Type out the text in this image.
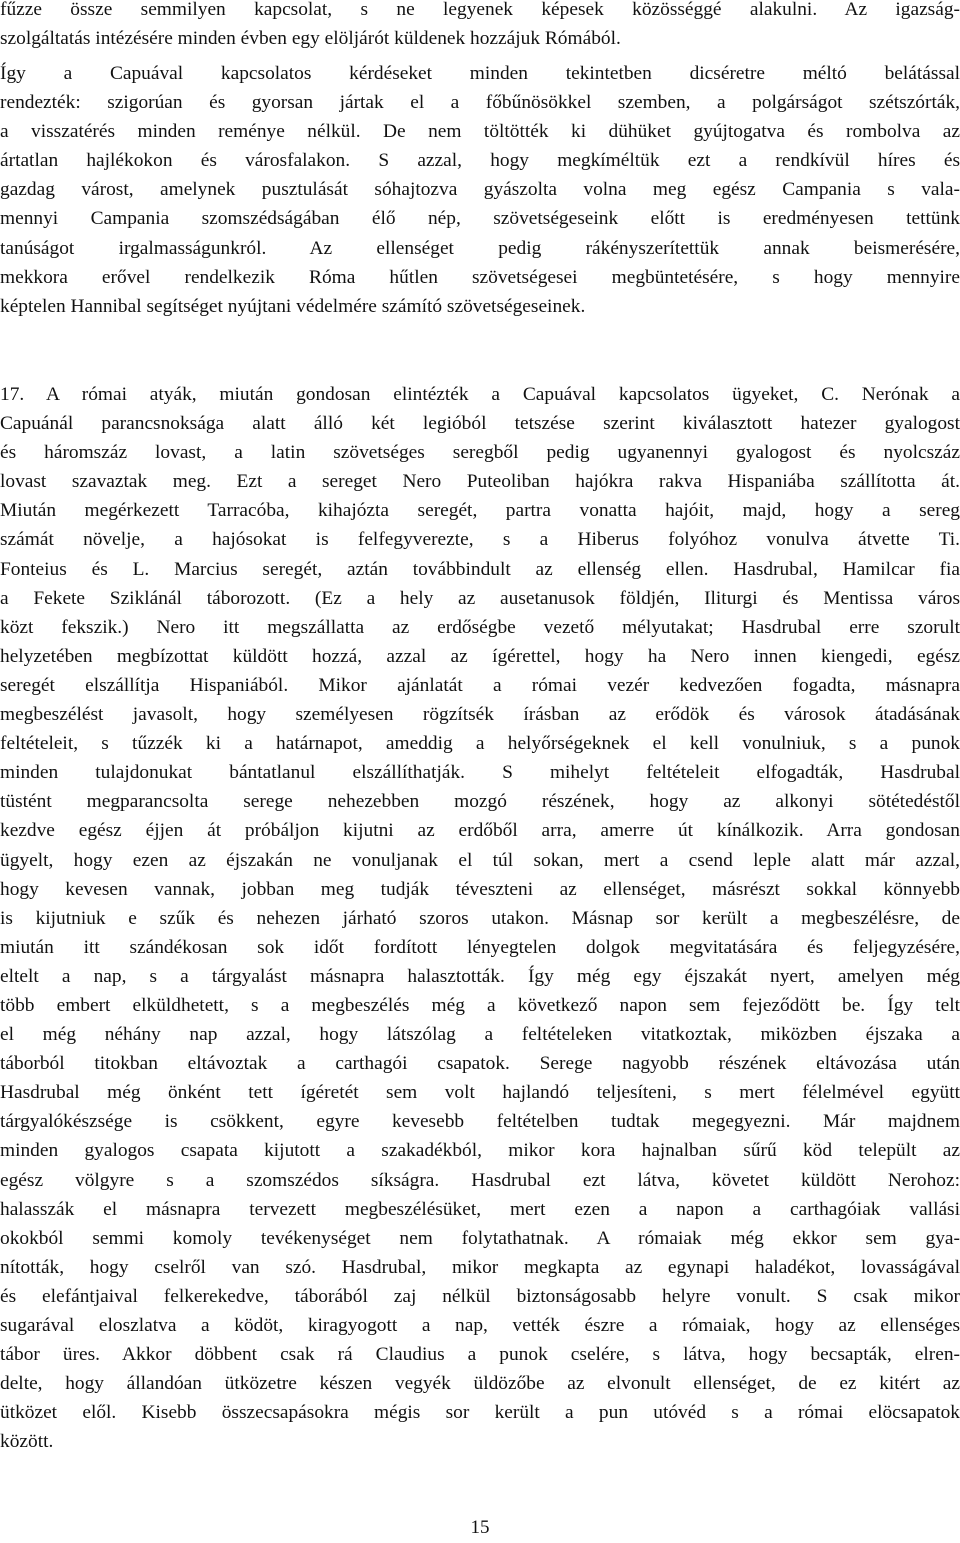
fűzze össze semmilyen kapcsolat, s ne legyenek képesek közösséggé alakulni. Az igazság-
szolgáltatás intézésére minden évben egy elöljárót küldenek hozzájuk Rómából.
Így a Capuával kapcsolatos kérdéseket minden tekintetben dicséretre méltó belátással
rendezték: szigorúan és gyorsan jártak el a főbűnösökkel szemben, a polgárságot szétszórták,
a visszatérés minden reménye nélkül. De nem töltötték ki dühüket gyújtogatva és rombolva az
ártatlan hajlékokon és városfalakon. S azzal, hogy megkíméltük ezt a rendkívül híres és
gazdag várost, amelynek pusztulását sóhajtozva gyászolta volna meg egész Campania s vala-
mennyi Campania szomszédságában élő nép, szövetségeseink előtt is eredményesen tettünk
tanúságot irgalmasságunkról. Az ellenséget pedig rákényszerítettük annak beismerésére,
mekkora erővel rendelkezik Róma hűtlen szövetségesei megbüntetésére, s hogy mennyire
képtelen Hannibal segítséget nyújtani védelmére számító szövetségeseinek.
17. A római atyák, miután gondosan elintézték a Capuával kapcsolatos ügyeket, C. Nerónak a
Capuánál parancsnoksága alatt álló két legióból tetszése szerint kiválasztott hatezer gyalogost
és háromszáz lovast, a latin szövetséges seregből pedig ugyanennyi gyalogost és nyolcszáz
lovast szavaztak meg. Ezt a sereget Nero Puteoliban hajókra rakva Hispaniába szállította át.
Miután megérkezett Tarracóba, kihajózta seregét, partra vonatta hajóit, majd, hogy a sereg
számát növelje, a hajósokat is felfegyverezte, s a Hiberus folyóhoz vonulva átvette Ti.
Fonteius és L. Marcius seregét, aztán továbbindult az ellenség ellen. Hasdrubal, Hamilcar fia
a Fekete Sziklánál táborozott. (Ez a hely az ausetanusok földjén, Iliturgi és Mentissa város
közt fekszik.) Nero itt megszállatta az erdőségbe vezető mélyutakat; Hasdrubal erre szorult
helyzetében megbízottat küldött hozzá, azzal az ígérettel, hogy ha Nero innen kiengedi, egész
seregét elszállítja Hispaniából. Mikor ajánlatát a római vezér kedvezően fogadta, másnapra
megbeszélést javasolt, hogy személyesen rögzítsék írásban az erődök és városok átadásának
feltételeit, s tűzzék ki a határnapot, ameddig a helyőrségeknek el kell vonulniuk, s a punok
minden tulajdonukat bántatlanul elszállíthatják. S mihelyt feltételeit elfogadták, Hasdrubal
tüstént megparancsolta serege nehezebben mozgó részének, hogy az alkonyi sötétedéstől
kezdve egész éjjen át próbáljon kijutni az erdőből arra, amerre út kínálkozik. Arra gondosan
ügyelt, hogy ezen az éjszakán ne vonuljanak el túl sokan, mert a csend leple alatt már azzal,
hogy kevesen vannak, jobban meg tudják téveszteni az ellenséget, másrészt sokkal könnyebb
is kijutniuk e szűk és nehezen járható szoros utakon. Másnap sor került a megbeszélésre, de
miután itt szándékosan sok időt fordított lényegtelen dolgok megvitatására és feljegyzésére,
eltelt a nap, s a tárgyalást másnapra halasztották. Így még egy éjszakát nyert, amelyen még
több embert elküldhetett, s a megbeszélés még a következő napon sem fejeződött be. Így telt
el még néhány nap azzal, hogy látszólag a feltételeken vitatkoztak, miközben éjszaka a
táborból titokban eltávoztak a carthagói csapatok. Serege nagyobb részének eltávozása után
Hasdrubal még önként tett ígéretét sem volt hajlandó teljesíteni, s mert félelmével együtt
tárgyalókészsége is csökkent, egyre kevesebb feltételben tudtak megegyezni. Már majdnem
minden gyalogos csapata kijutott a szakadékból, mikor kora hajnalban sűrű köd települt az
egész völgyre s a szomszédos síkságra. Hasdrubal ezt látva, követet küldött Nerohoz:
halasszák el másnapra tervezett megbeszélésüket, mert ezen a napon a carthagóiak vallási
okokból semmi komoly tevékenységet nem folytathatnak. A rómaiak még ekkor sem gya-
nították, hogy cselről van szó. Hasdrubal, mikor megkapta az egynapi haladékot, lovasságával
és elefántjaival felkerekedve, táborából zaj nélkül biztonságosabb helyre vonult. S csak mikor
sugarával eloszlatva a ködöt, kiragyogott a nap, vették észre a rómaiak, hogy az ellenséges
tábor üres. Akkor döbbent csak rá Claudius a punok cselére, s látva, hogy becsapták, elren-
delte, hogy állandóan ütközetre készen vegyék üldözőbe az elvonult ellenséget, de ez kitért az
ütközet elől. Kisebb összecsapásokra mégis sor került a pun utóvéd s a római elöcsapatok
között.
15
